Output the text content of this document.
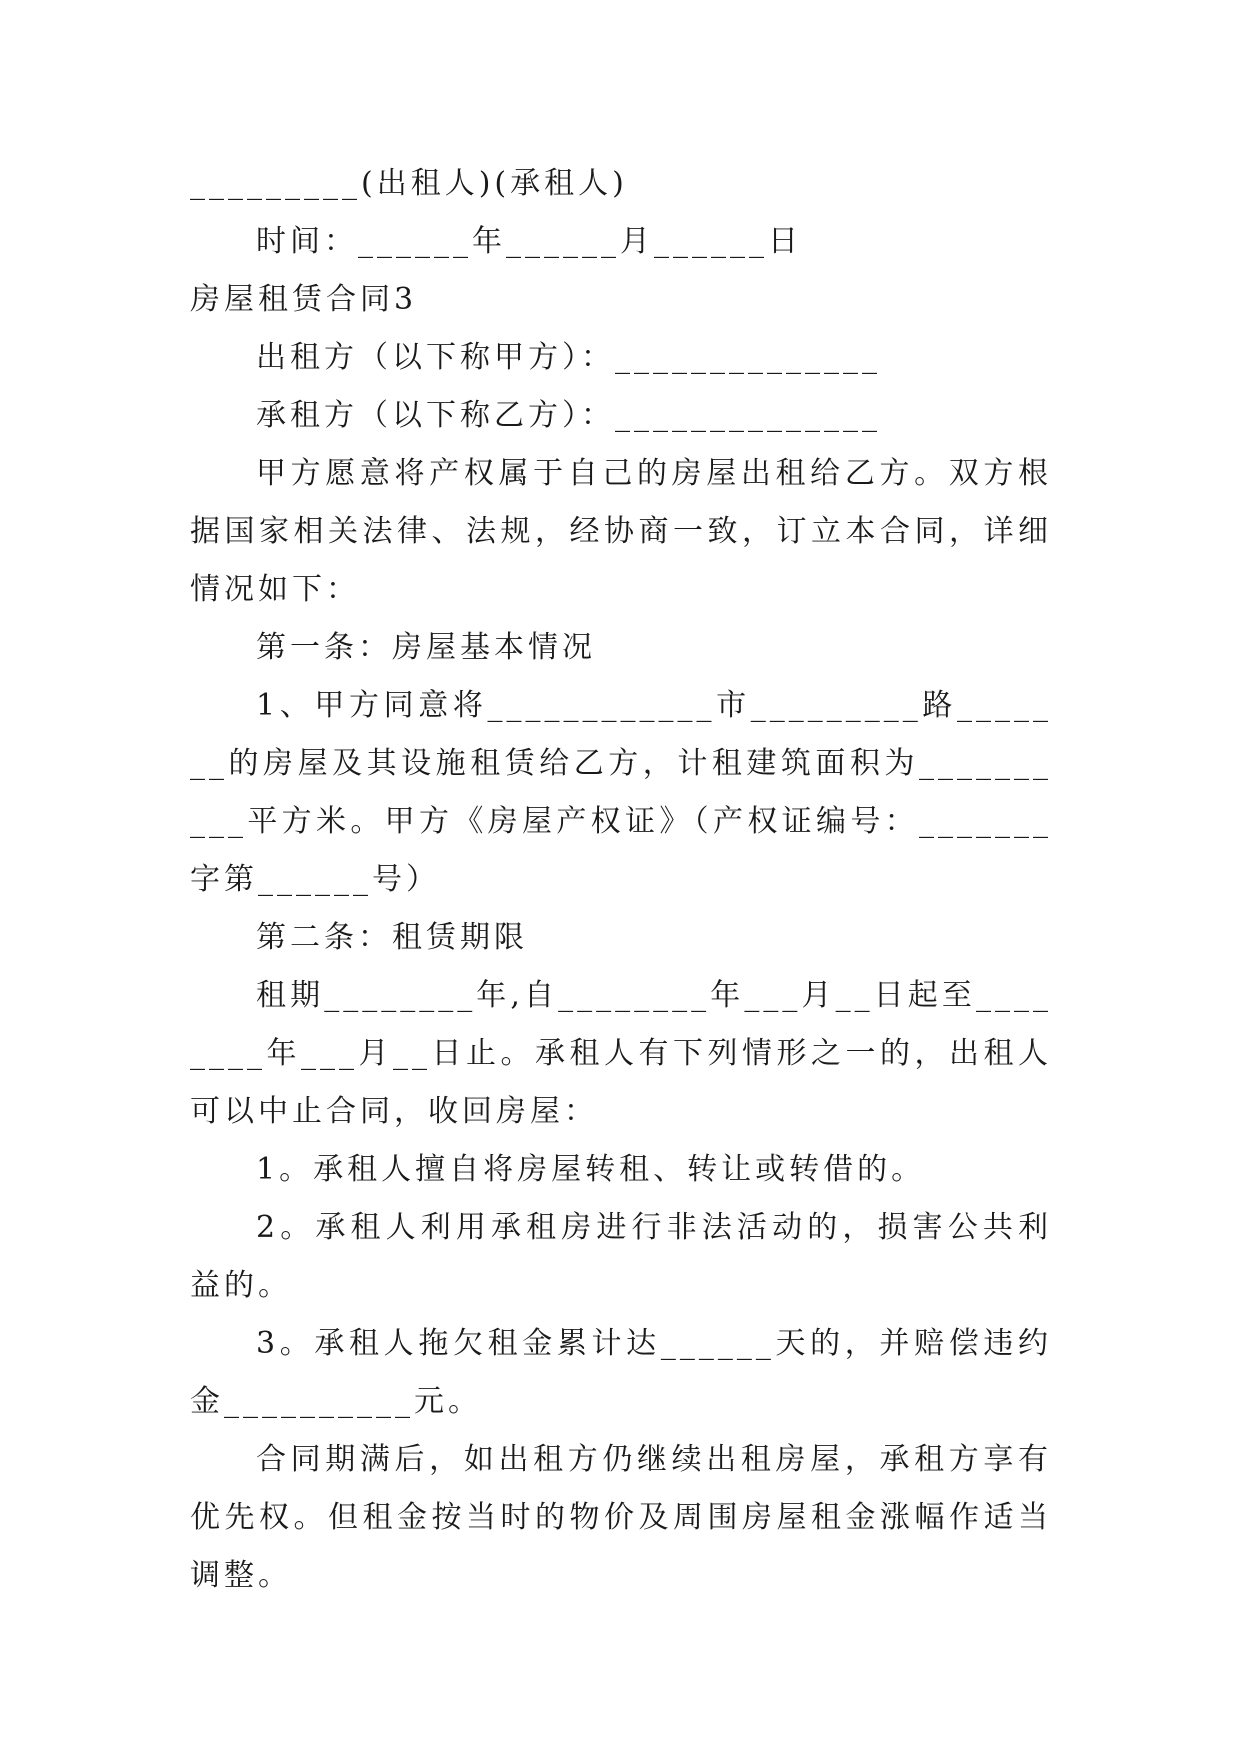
_________(出租人)(承租人)

时间：______年______月______日

房屋租赁合同3

出租方（以下称甲方）：______________

承租方（以下称乙方）：______________

甲方愿意将产权属于自己的房屋出租给乙方。双方根据国家相关法律、法规，经协商一致，订立本合同，详细情况如下：

第一条：房屋基本情况

1、甲方同意将____________市_________路_______的房屋及其设施租赁给乙方，计租建筑面积为__________平方米。甲方《房屋产权证》（产权证编号：_______字第______号）

第二条：租赁期限

租期________年,自________年___月__日起至________年___月__日止。承租人有下列情形之一的，出租人可以中止合同，收回房屋：

1。承租人擅自将房屋转租、转让或转借的。

2。承租人利用承租房进行非法活动的，损害公共利益的。

3。承租人拖欠租金累计达______天的，并赔偿违约金__________元。

合同期满后，如出租方仍继续出租房屋，承租方享有优先权。但租金按当时的物价及周围房屋租金涨幅作适当调整。
